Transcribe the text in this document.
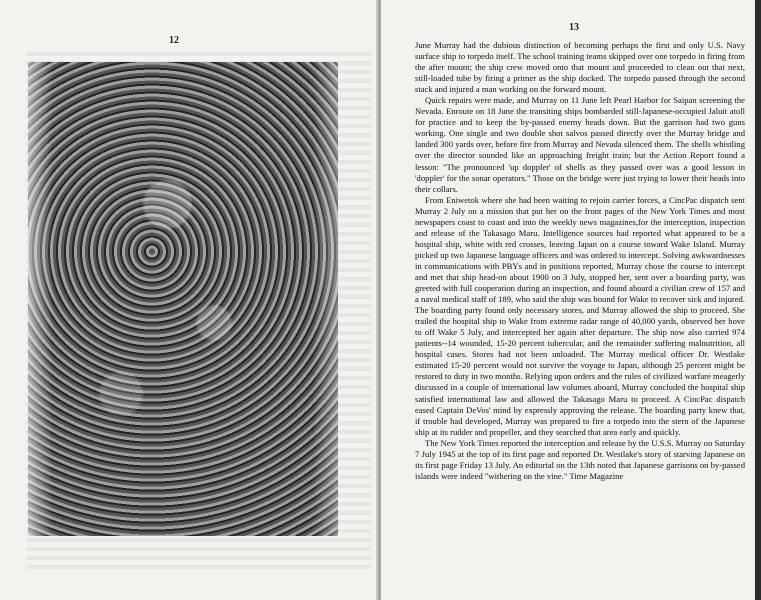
12
13

June Murray had the dubious distinction of becoming perhaps the first and only U.S. Navy surface ship to torpedo itself. The school training teams skipped over one torpedo in firing from the after mount; the ship crew moved onto that mount and proceeded to clean out that next, still-loaded tube by firing a primer as the ship docked. The torpedo passed through the second stack and injured a man working on the forward mount.

Quick repairs were made, and Murray on 11 June left Pearl Harbor for Saipan screening the Nevada. Enroute on 18 June the transiting ships bombarded still-Japanese-occupied Jaluit atoll for practice and to keep the by-passed enemy heads down. But the garrison had two guns working. One single and two double shot salvos passed directly over the Murray bridge and landed 300 yards over, before fire from Murray and Nevada silenced them. The shells whistling over the director sounded like an approaching freight train; but the Action Report found a lesson: "The pronounced 'up doppler' of shells as they passed over was a good lesson in 'doppler' for the sonar operators." Those on the bridge were just trying to lower their heads into their collars.

From Eniwetok where she had been waiting to rejoin carrier forces, a CincPac dispatch sent Murray 2 July on a mission that put her on the front pages of the New York Times and most newspapers coast to coast and into the weekly news magazines,for the interception, inspection and release of the Takasago Maru. Intelligence sources had reported what appeared to be a hospital ship, white with red crosses, leaving Japan on a course toward Wake Island. Murray picked up two Japanese language officers and was ordered to intercept. Solving awkwardnesses in communications with PBYs and in positions reported, Murray chose the course to intercept and met that ship head-on about 1900 on 3 July, stopped her, sent over a boarding party, was greeted with full cooperation during an inspection, and found aboard a civilian crew of 157 and a naval medical staff of 189, who said the ship was bound for Wake to recover sick and injured. The boarding party found only necessary stores, and Murray allowed the ship to proceed. She trailed the hospital ship to Wake from extreme radar range of 40,000 yards, observed her hove to off Wake 5 July, and intercepted her again after departure. The ship now also carried 974 patients--14 wounded, 15-20 percent tubercular, and the remainder suffering malnutrition, all hospital cases. Stores had not been unloaded. The Murray medical officer Dr. Westlake estimated 15-20 percent would not survive the voyage to Japan, although 25 percent might be restored to duty in two months. Relying upon orders and the rules of civilized warfare meagerly discussed in a couple of international law volumes aboard, Murray concluded the hospital ship satisfied international law and allowed the Takasago Maru to proceed. A CincPac dispatch eased Captain DeVos' mind by expressly approving the release. The boarding party knew that, if trouble had developed, Murray was prepared to fire a torpedo into the stern of the Japanese ship at its rudder and propeller, and they searched that area early and quickly.

The New York Times reported the interception and release by the U.S.S. Murray on Saturday 7 July 1945 at the top of its first page and reported Dr. Westlake's story of starving Japanese on its first page Friday 13 July. An editorial on the 13th noted that Japanese garrisons on by-passed islands were indeed "withering on the vine." Time Magazine
